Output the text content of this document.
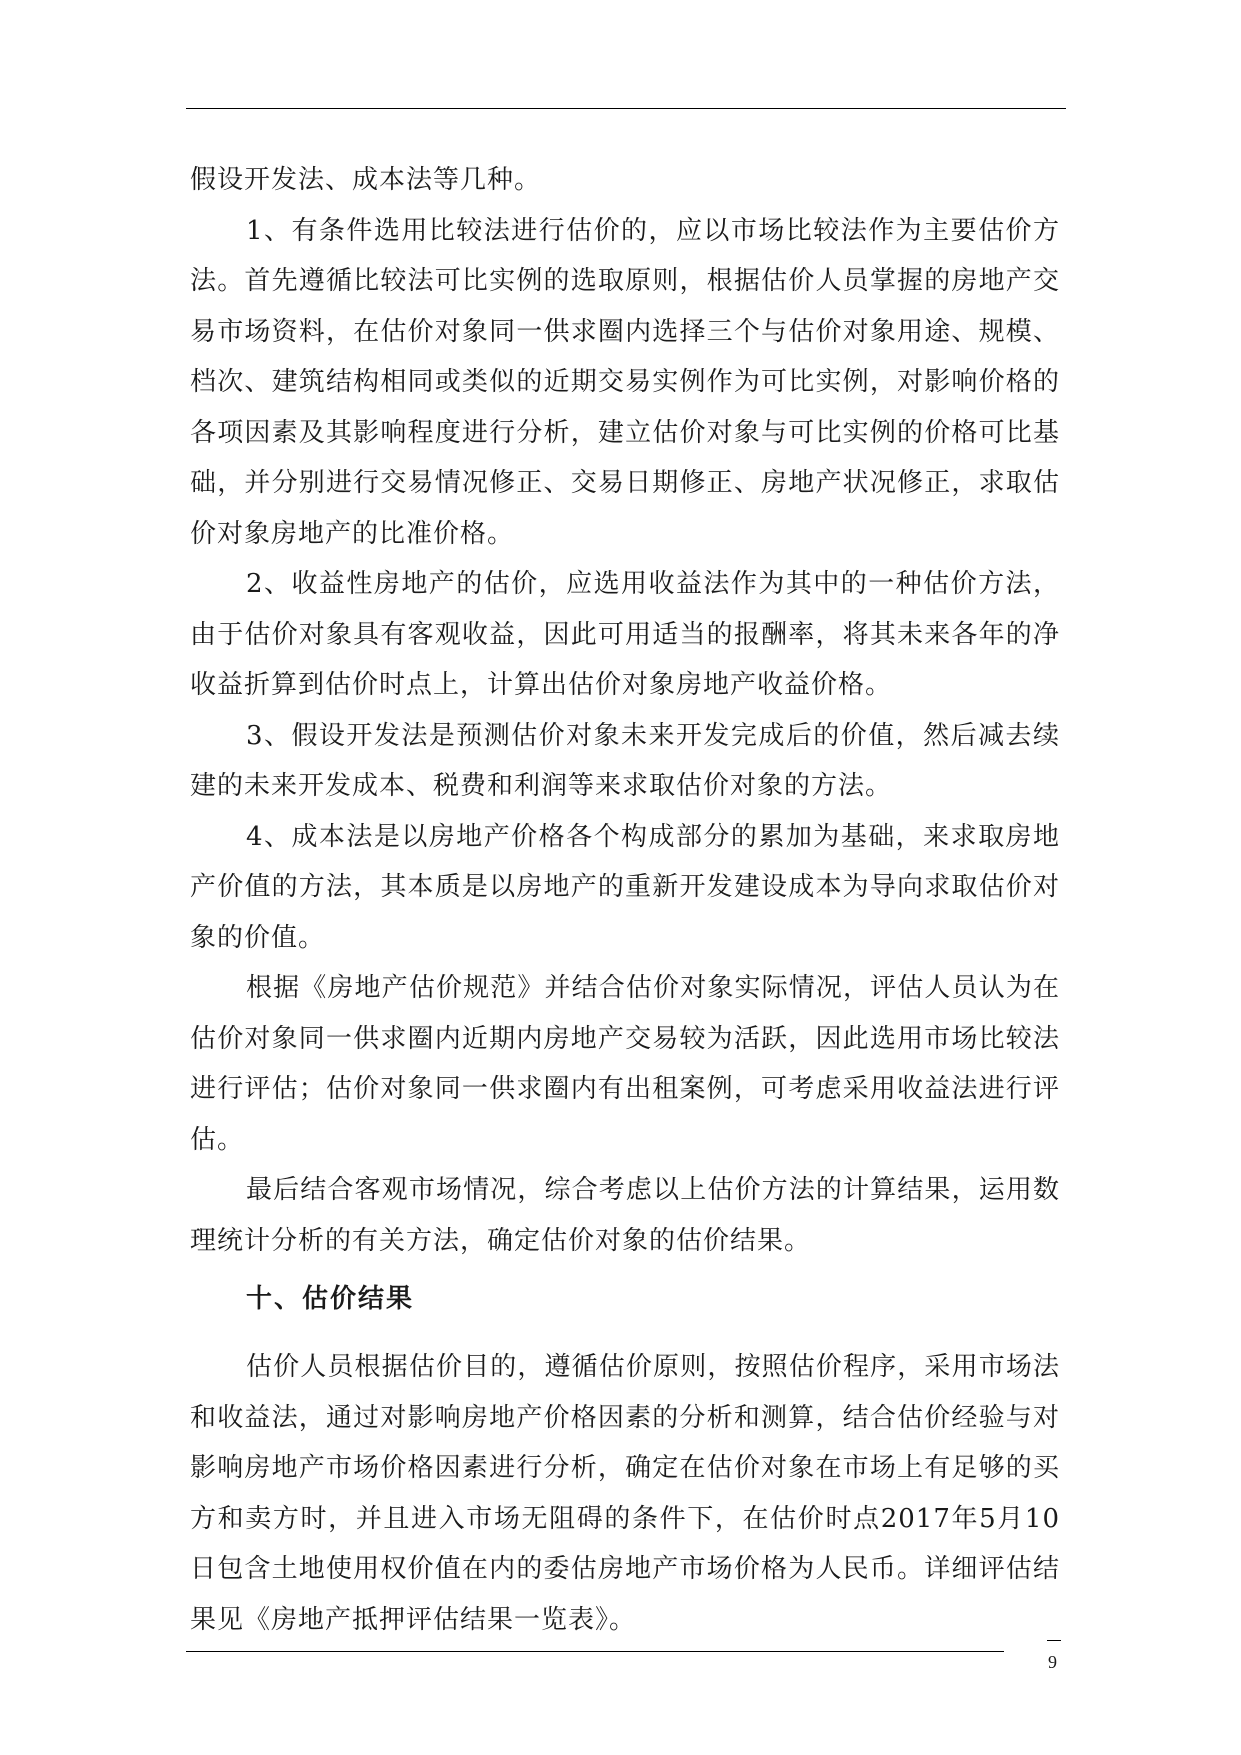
假设开发法、成本法等几种。

1、有条件选用比较法进行估价的，应以市场比较法作为主要估价方法。首先遵循比较法可比实例的选取原则，根据估价人员掌握的房地产交易市场资料，在估价对象同一供求圈内选择三个与估价对象用途、规模、档次、建筑结构相同或类似的近期交易实例作为可比实例，对影响价格的各项因素及其影响程度进行分析，建立估价对象与可比实例的价格可比基础，并分别进行交易情况修正、交易日期修正、房地产状况修正，求取估价对象房地产的比准价格。

2、收益性房地产的估价，应选用收益法作为其中的一种估价方法，由于估价对象具有客观收益，因此可用适当的报酬率，将其未来各年的净收益折算到估价时点上，计算出估价对象房地产收益价格。

3、假设开发法是预测估价对象未来开发完成后的价值，然后减去续建的未来开发成本、税费和利润等来求取估价对象的方法。

4、成本法是以房地产价格各个构成部分的累加为基础，来求取房地产价值的方法，其本质是以房地产的重新开发建设成本为导向求取估价对象的价值。

根据《房地产估价规范》并结合估价对象实际情况，评估人员认为在估价对象同一供求圈内近期内房地产交易较为活跃，因此选用市场比较法进行评估；估价对象同一供求圈内有出租案例，可考虑采用收益法进行评估。

最后结合客观市场情况，综合考虑以上估价方法的计算结果，运用数理统计分析的有关方法，确定估价对象的估价结果。

十、估价结果

估价人员根据估价目的，遵循估价原则，按照估价程序，采用市场法和收益法，通过对影响房地产价格因素的分析和测算，结合估价经验与对影响房地产市场价格因素进行分析，确定在估价对象在市场上有足够的买方和卖方时，并且进入市场无阻碍的条件下，在估价时点2017年5月10日包含土地使用权价值在内的委估房地产市场价格为人民币。详细评估结果见《房地产抵押评估结果一览表》。

9
